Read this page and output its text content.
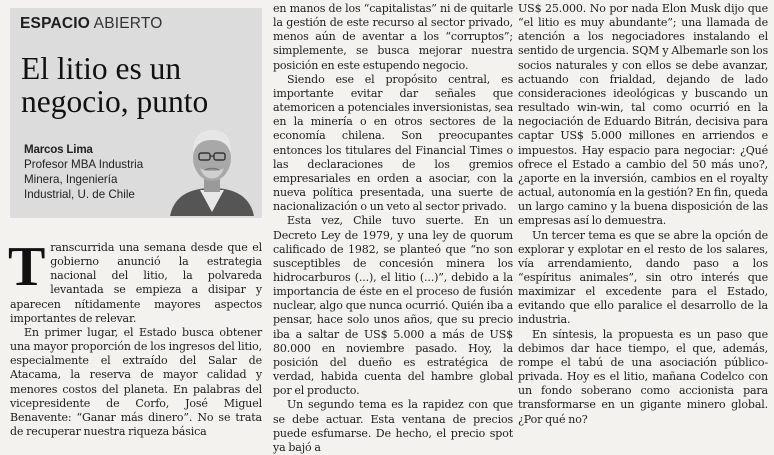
ESPACIO ABIERTO
El litio es un negocio, punto
Marcos Lima
Profesor MBA Industria
Minera, Ingeniería
Industrial, U. de Chile

Transcurrida una semana desde que el gobierno anunció la estrategia nacional del litio, la polvareda levantada se empieza a disipar y aparecen nítidamente mayores aspectos importantes de relevar.

En primer lugar, el Estado busca obtener una mayor proporción de los ingresos del litio, especialmente el extraído del Salar de Atacama, la reserva de mayor calidad y menores costos del planeta. En palabras del vicepresidente de Corfo, José Miguel Benavente: “Ganar más dinero”. No se trata de recuperar nuestra riqueza básica

en manos de los “capitalistas” ni de quitarle la gestión de este recurso al sector privado, menos aún de aventar a los “corruptos”; simplemente, se busca mejorar nuestra posición en este estupendo negocio.

Siendo ese el propósito central, es importante evitar dar señales que atemoricen a potenciales inversionistas, sea en la minería o en otros sectores de la economía chilena. Son preocupantes entonces los titulares del Financial Times o las declaraciones de los gremios empresariales en orden a asociar, con la nueva política presentada, una suerte de nacionalización o un veto al sector privado.

Esta vez, Chile tuvo suerte. En un Decreto Ley de 1979, y una ley de quorum calificado de 1982, se planteó que “no son susceptibles de concesión minera los hidrocarburos (...), el litio (...)”, debido a la importancia de éste en el proceso de fusión nuclear, algo que nunca ocurrió. Quién iba a pensar, hace solo unos años, que su precio iba a saltar de US$ 5.000 a más de US$ 80.000 en noviembre pasado. Hoy, la posición del dueño es estratégica de verdad, habida cuenta del hambre global por el producto.

Un segundo tema es la rapidez con que se debe actuar. Esta ventana de precios puede esfumarse. De hecho, el precio spot ya bajó a

US$ 25.000. No por nada Elon Musk dijo que “el litio es muy abundante”; una llamada de atención a los negociadores instalando el sentido de urgencia. SQM y Albemarle son los socios naturales y con ellos se debe avanzar, actuando con frialdad, dejando de lado consideraciones ideológicas y buscando un resultado win-win, tal como ocurrió en la negociación de Eduardo Bitrán, decisiva para captar US$ 5.000 millones en arriendos e impuestos. Hay espacio para negociar: ¿Qué ofrece el Estado a cambio del 50 más uno?, ¿aporte en la inversión, cambios en el royalty actual, autonomía en la gestión? En fin, queda un largo camino y la buena disposición de las empresas así lo demuestra.

Un tercer tema es que se abre la opción de explorar y explotar en el resto de los salares, vía arrendamiento, dando paso a los “espíritus animales”, sin otro interés que maximizar el excedente para el Estado, evitando que ello paralice el desarrollo de la industria.

En síntesis, la propuesta es un paso que debimos dar hace tiempo, el que, además, rompe el tabú de una asociación público-privada. Hoy es el litio, mañana Codelco con un fondo soberano como accionista para transformarse en un gigante minero global. ¿Por qué no?
